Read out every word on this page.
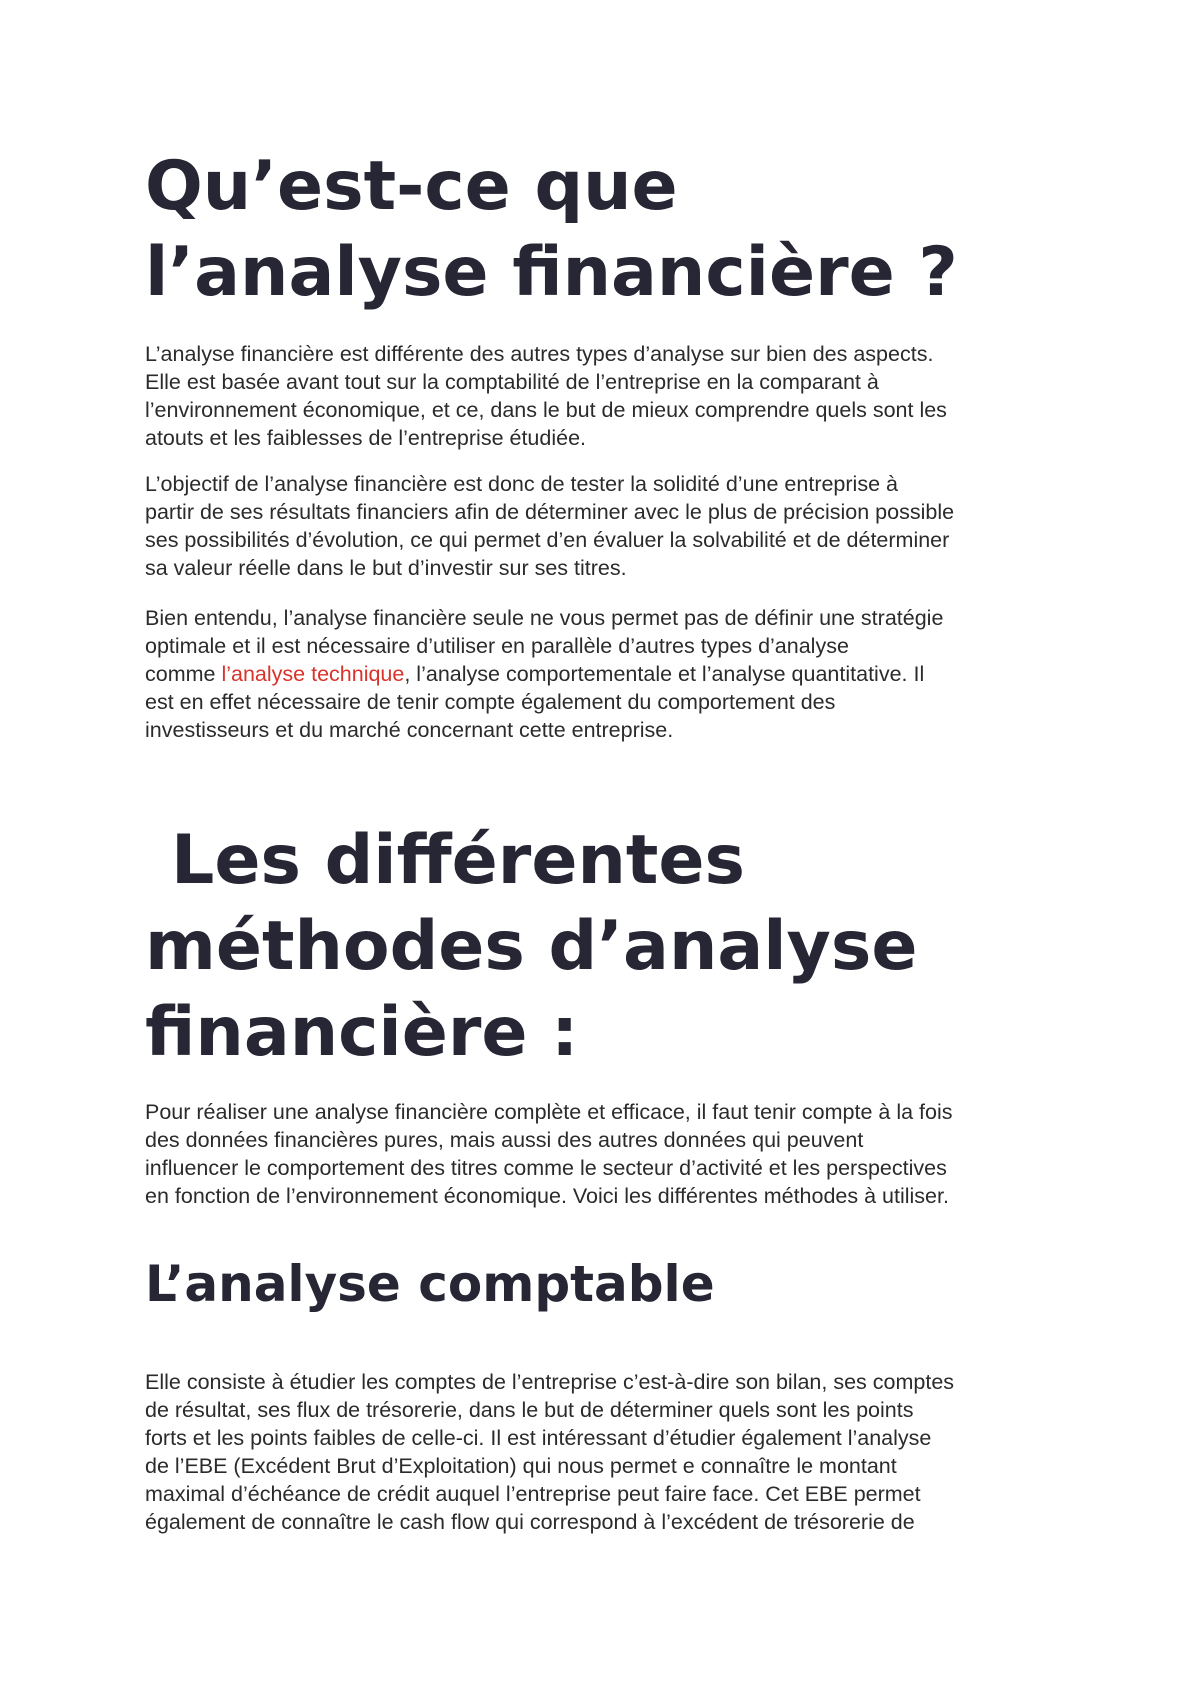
Qu’est-ce que
l’analyse financière ?

L’analyse financière est différente des autres types d’analyse sur bien des aspects.
Elle est basée avant tout sur la comptabilité de l’entreprise en la comparant à
l’environnement économique, et ce, dans le but de mieux comprendre quels sont les
atouts et les faiblesses de l’entreprise étudiée.

L’objectif de l’analyse financière est donc de tester la solidité d’une entreprise à
partir de ses résultats financiers afin de déterminer avec le plus de précision possible
ses possibilités d’évolution, ce qui permet d’en évaluer la solvabilité et de déterminer
sa valeur réelle dans le but d’investir sur ses titres.

Bien entendu, l’analyse financière seule ne vous permet pas de définir une stratégie
optimale et il est nécessaire d’utiliser en parallèle d’autres types d’analyse
comme l’analyse technique, l’analyse comportementale et l’analyse quantitative. Il
est en effet nécessaire de tenir compte également du comportement des
investisseurs et du marché concernant cette entreprise.

Les différentes
méthodes d’analyse
financière :

Pour réaliser une analyse financière complète et efficace, il faut tenir compte à la fois
des données financières pures, mais aussi des autres données qui peuvent
influencer le comportement des titres comme le secteur d’activité et les perspectives
en fonction de l’environnement économique. Voici les différentes méthodes à utiliser.

L’analyse comptable

Elle consiste à étudier les comptes de l’entreprise c’est-à-dire son bilan, ses comptes
de résultat, ses flux de trésorerie, dans le but de déterminer quels sont les points
forts et les points faibles de celle-ci. Il est intéressant d’étudier également l’analyse
de l’EBE (Excédent Brut d’Exploitation) qui nous permet e connaître le montant
maximal d’échéance de crédit auquel l’entreprise peut faire face. Cet EBE permet
également de connaître le cash flow qui correspond à l’excédent de trésorerie de
